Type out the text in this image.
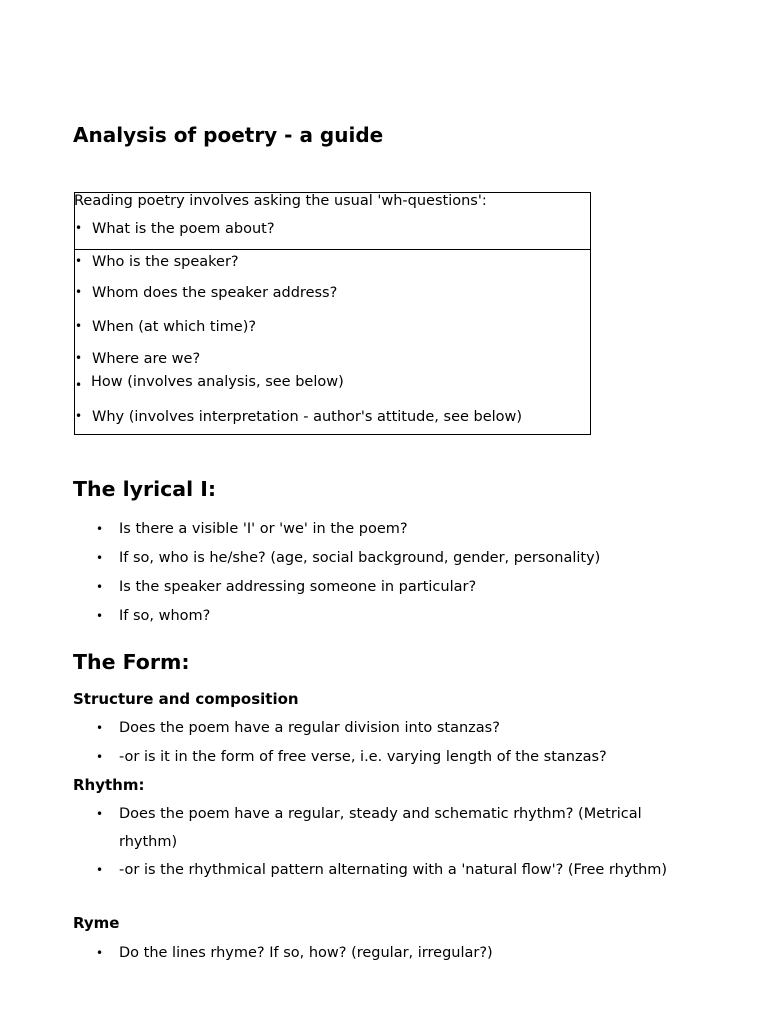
Analysis of poetry - a guide
Reading poetry involves asking the usual 'wh-questions':
• What is the poem about?
• Who is the speaker?
• Whom does the speaker address?
• When (at which time)?
• Where are we?
• How (involves analysis, see below)
• Why (involves interpretation - author's attitude, see below)
The lyrical I:
• Is there a visible 'I' or 'we' in the poem?
• If so, who is he/she? (age, social background, gender, personality)
• Is the speaker addressing someone in particular?
• If so, whom?
The Form:
Structure and composition
• Does the poem have a regular division into stanzas?
• -or is it in the form of free verse, i.e. varying length of the stanzas?
Rhythm:
• Does the poem have a regular, steady and schematic rhythm? (Metrical rhythm)
• -or is the rhythmical pattern alternating with a 'natural flow'? (Free rhythm)
Ryme
• Do the lines rhyme? If so, how? (regular, irregular?)
